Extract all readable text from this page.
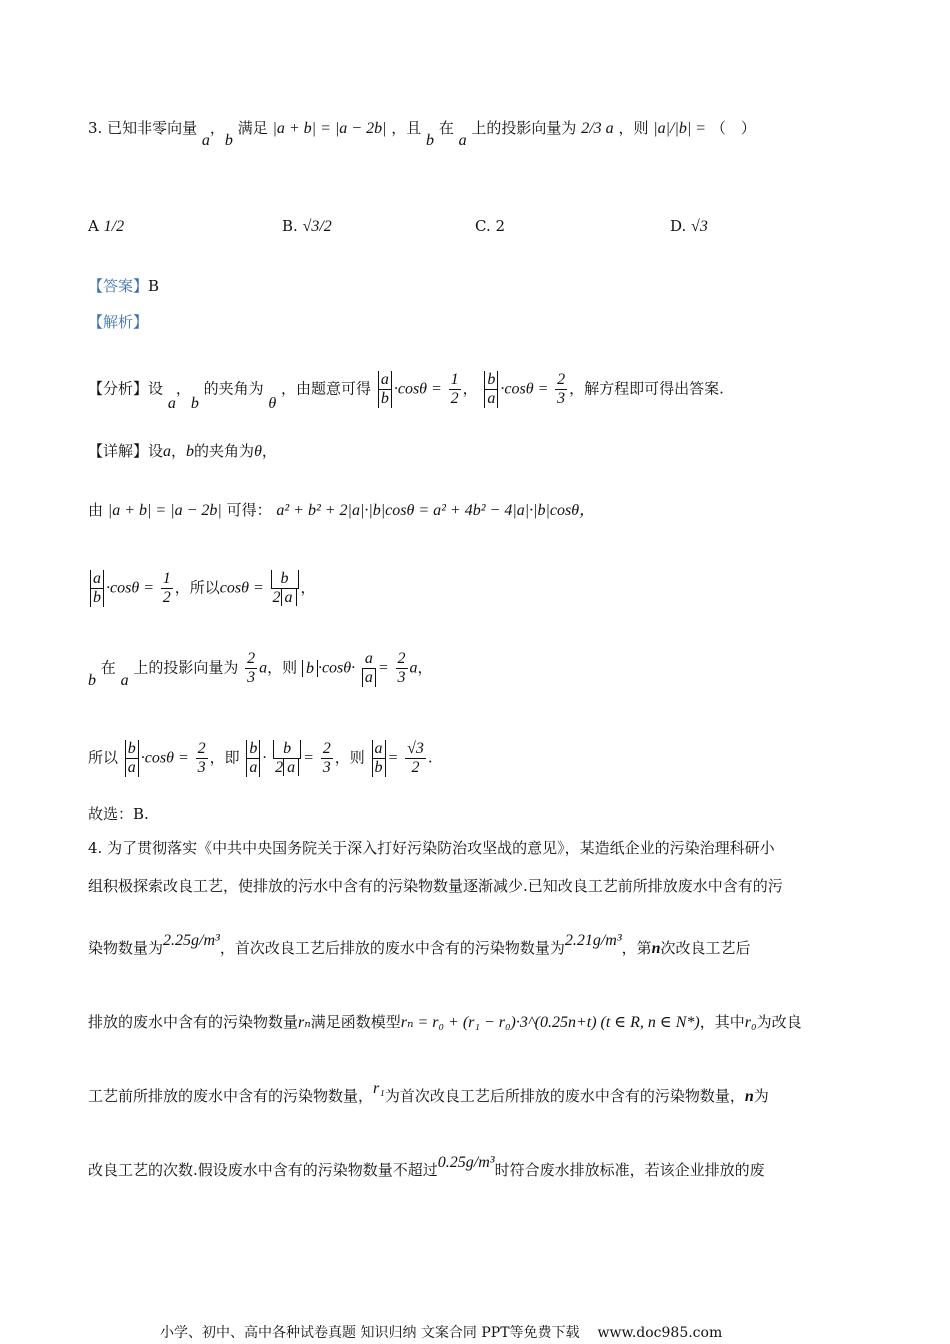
3. 已知非零向量 a，b 满足 |a + b| = |a − 2b| ，且 b 在 a 上的投影向量为 2/3 a ，则 |a|/|b| = （　）
A 1/2	B. √3/2	C. 2	D. √3
【答案】B
【解析】
【分析】设 a，b 的夹角为 θ ，由题意可得 $\frac{a}{b} \cdot\cos\theta = \frac{1}{2}$ ， $\frac{b}{a} \cdot\cos\theta = \frac{2}{3}$ ，解方程即可得出答案.
【详解】设a，b的夹角为θ，
由 |a + b| = |a − 2b| 可得： a² + b² + 2|a|·|b|cosθ = a² + 4b² − 4|a|·|b|cosθ，
$\frac{a}{b} \cdot\cos\theta = \frac{1}{2}$ ，所以$\cos\theta = \frac{b}{2 a}$ ，
b 在 a 上的投影向量为 $\frac{2}{3}$ a，则 $b \cdot\cos\theta\cdot \frac{a}{a} = \frac{2}{3}$ a，
所以 $\frac{b}{a} \cdot\cos\theta = \frac{2}{3}$ ，即 $\frac{b}{a} \cdot \frac{b}{2 a} = \frac{2}{3}$ ，则 $\frac{a}{b} = \frac{√3}{2}$ .
故选：B.
4. 为了贯彻落实《中共中央国务院关于深入打好污染防治攻坚战的意见》，某造纸企业的污染治理科研小
组积极探索改良工艺，使排放的污水中含有的污染物数量逐渐减少.已知改良工艺前所排放废水中含有的污
染物数量为2.25g/m³，首次改良工艺后排放的废水中含有的污染物数量为2.21g/m³，第n次改良工艺后
排放的废水中含有的污染物数量rₙ满足函数模型rₙ = r₀ + (r₁ − r₀)·3^(0.25n+t) (t ∈ R, n ∈ N*)，其中r₀为改良
工艺前所排放的废水中含有的污染物数量，r₁为首次改良工艺后所排放的废水中含有的污染物数量，n为
改良工艺的次数.假设废水中含有的污染物数量不超过0.25g/m³时符合废水排放标准，若该企业排放的废
小学、初中、高中各种试卷真题 知识归纳 文案合同 PPT等免费下载 www.doc985.com
